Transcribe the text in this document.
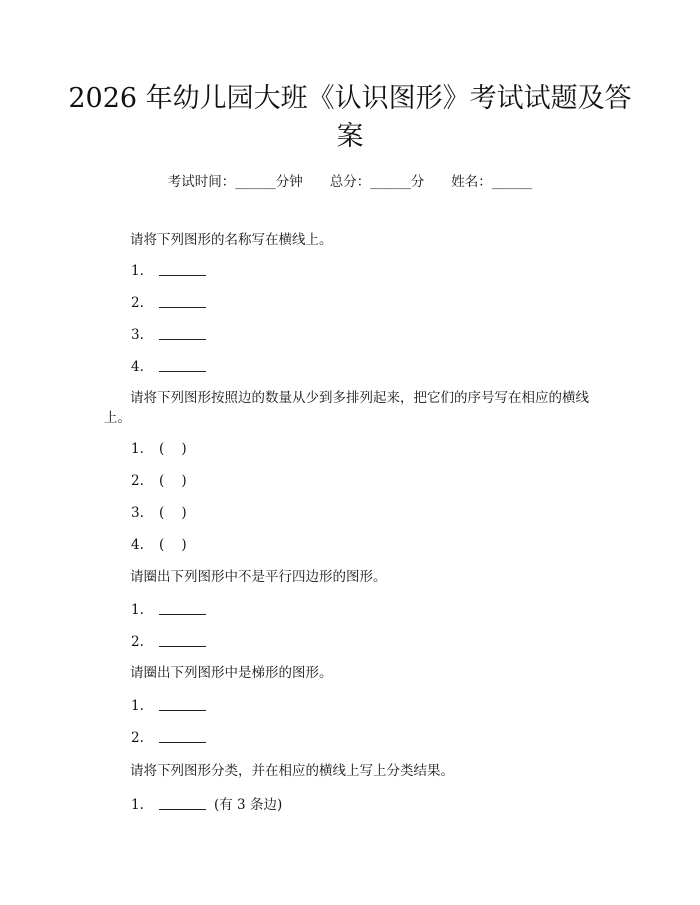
2026 年幼儿园大班《认识图形》考试试题及答案
考试时间：______分钟　　总分：______分　　姓名：______
请将下列图形的名称写在横线上。
1.
2.
3.
4.
请将下列图形按照边的数量从少到多排列起来，把它们的序号写在相应的横线上。
1. (    )
2. (    )
3. (    )
4. (    )
请圈出下列图形中不是平行四边形的图形。
1.
2.
请圈出下列图形中是梯形的图形。
1.
2.
请将下列图形分类，并在相应的横线上写上分类结果。
1.	(有 3 条边)
